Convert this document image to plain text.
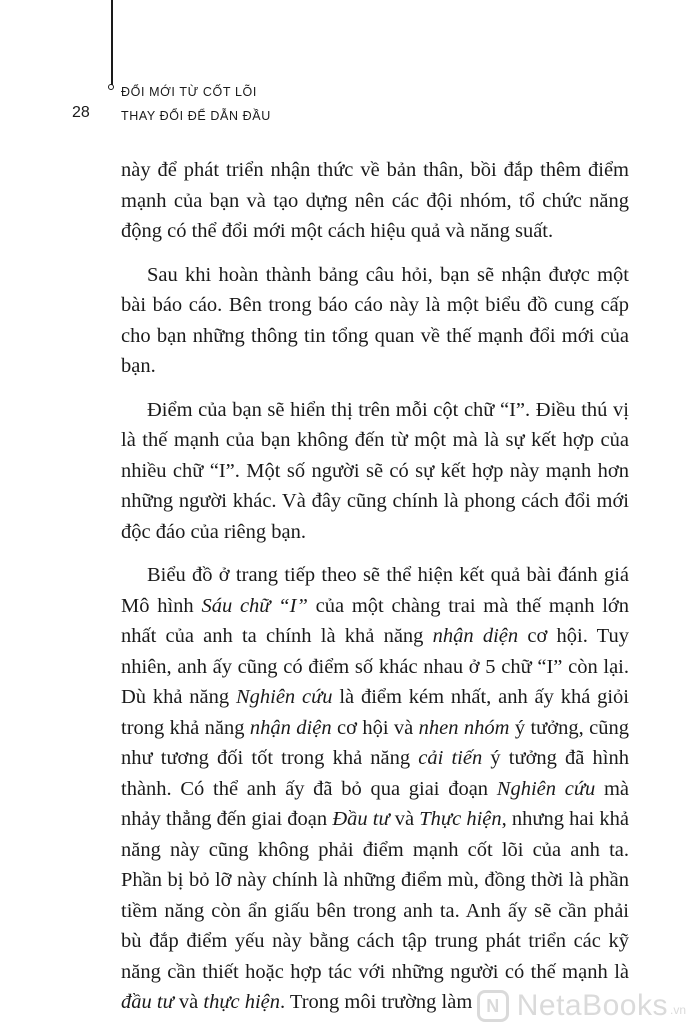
28
ĐỔI MỚI TỪ CỐT LÕI
THAY ĐỔI ĐỂ DẪN ĐẦU

này để phát triển nhận thức về bản thân, bồi đắp thêm điểm mạnh của bạn và tạo dựng nên các đội nhóm, tổ chức năng động có thể đổi mới một cách hiệu quả và năng suất.

Sau khi hoàn thành bảng câu hỏi, bạn sẽ nhận được một bài báo cáo. Bên trong báo cáo này là một biểu đồ cung cấp cho bạn những thông tin tổng quan về thế mạnh đổi mới của bạn.

Điểm của bạn sẽ hiển thị trên mỗi cột chữ “I”. Điều thú vị là thế mạnh của bạn không đến từ một mà là sự kết hợp của nhiều chữ “I”. Một số người sẽ có sự kết hợp này mạnh hơn những người khác. Và đây cũng chính là phong cách đổi mới độc đáo của riêng bạn.

Biểu đồ ở trang tiếp theo sẽ thể hiện kết quả bài đánh giá Mô hình Sáu chữ “I” của một chàng trai mà thế mạnh lớn nhất của anh ta chính là khả năng nhận diện cơ hội. Tuy nhiên, anh ấy cũng có điểm số khác nhau ở 5 chữ “I” còn lại. Dù khả năng Nghiên cứu là điểm kém nhất, anh ấy khá giỏi trong khả năng nhận diện cơ hội và nhen nhóm ý tưởng, cũng như tương đối tốt trong khả năng cải tiến ý tưởng đã hình thành. Có thể anh ấy đã bỏ qua giai đoạn Nghiên cứu mà nhảy thẳng đến giai đoạn Đầu tư và Thực hiện, nhưng hai khả năng này cũng không phải điểm mạnh cốt lõi của anh ta. Phần bị bỏ lỡ này chính là những điểm mù, đồng thời là phần tiềm năng còn ẩn giấu bên trong anh ta. Anh ấy sẽ cần phải bù đắp điểm yếu này bằng cách tập trung phát triển các kỹ năng cần thiết hoặc hợp tác với những người có thế mạnh là đầu tư và thực hiện. Trong môi trường làm N NetaBooks .vn
